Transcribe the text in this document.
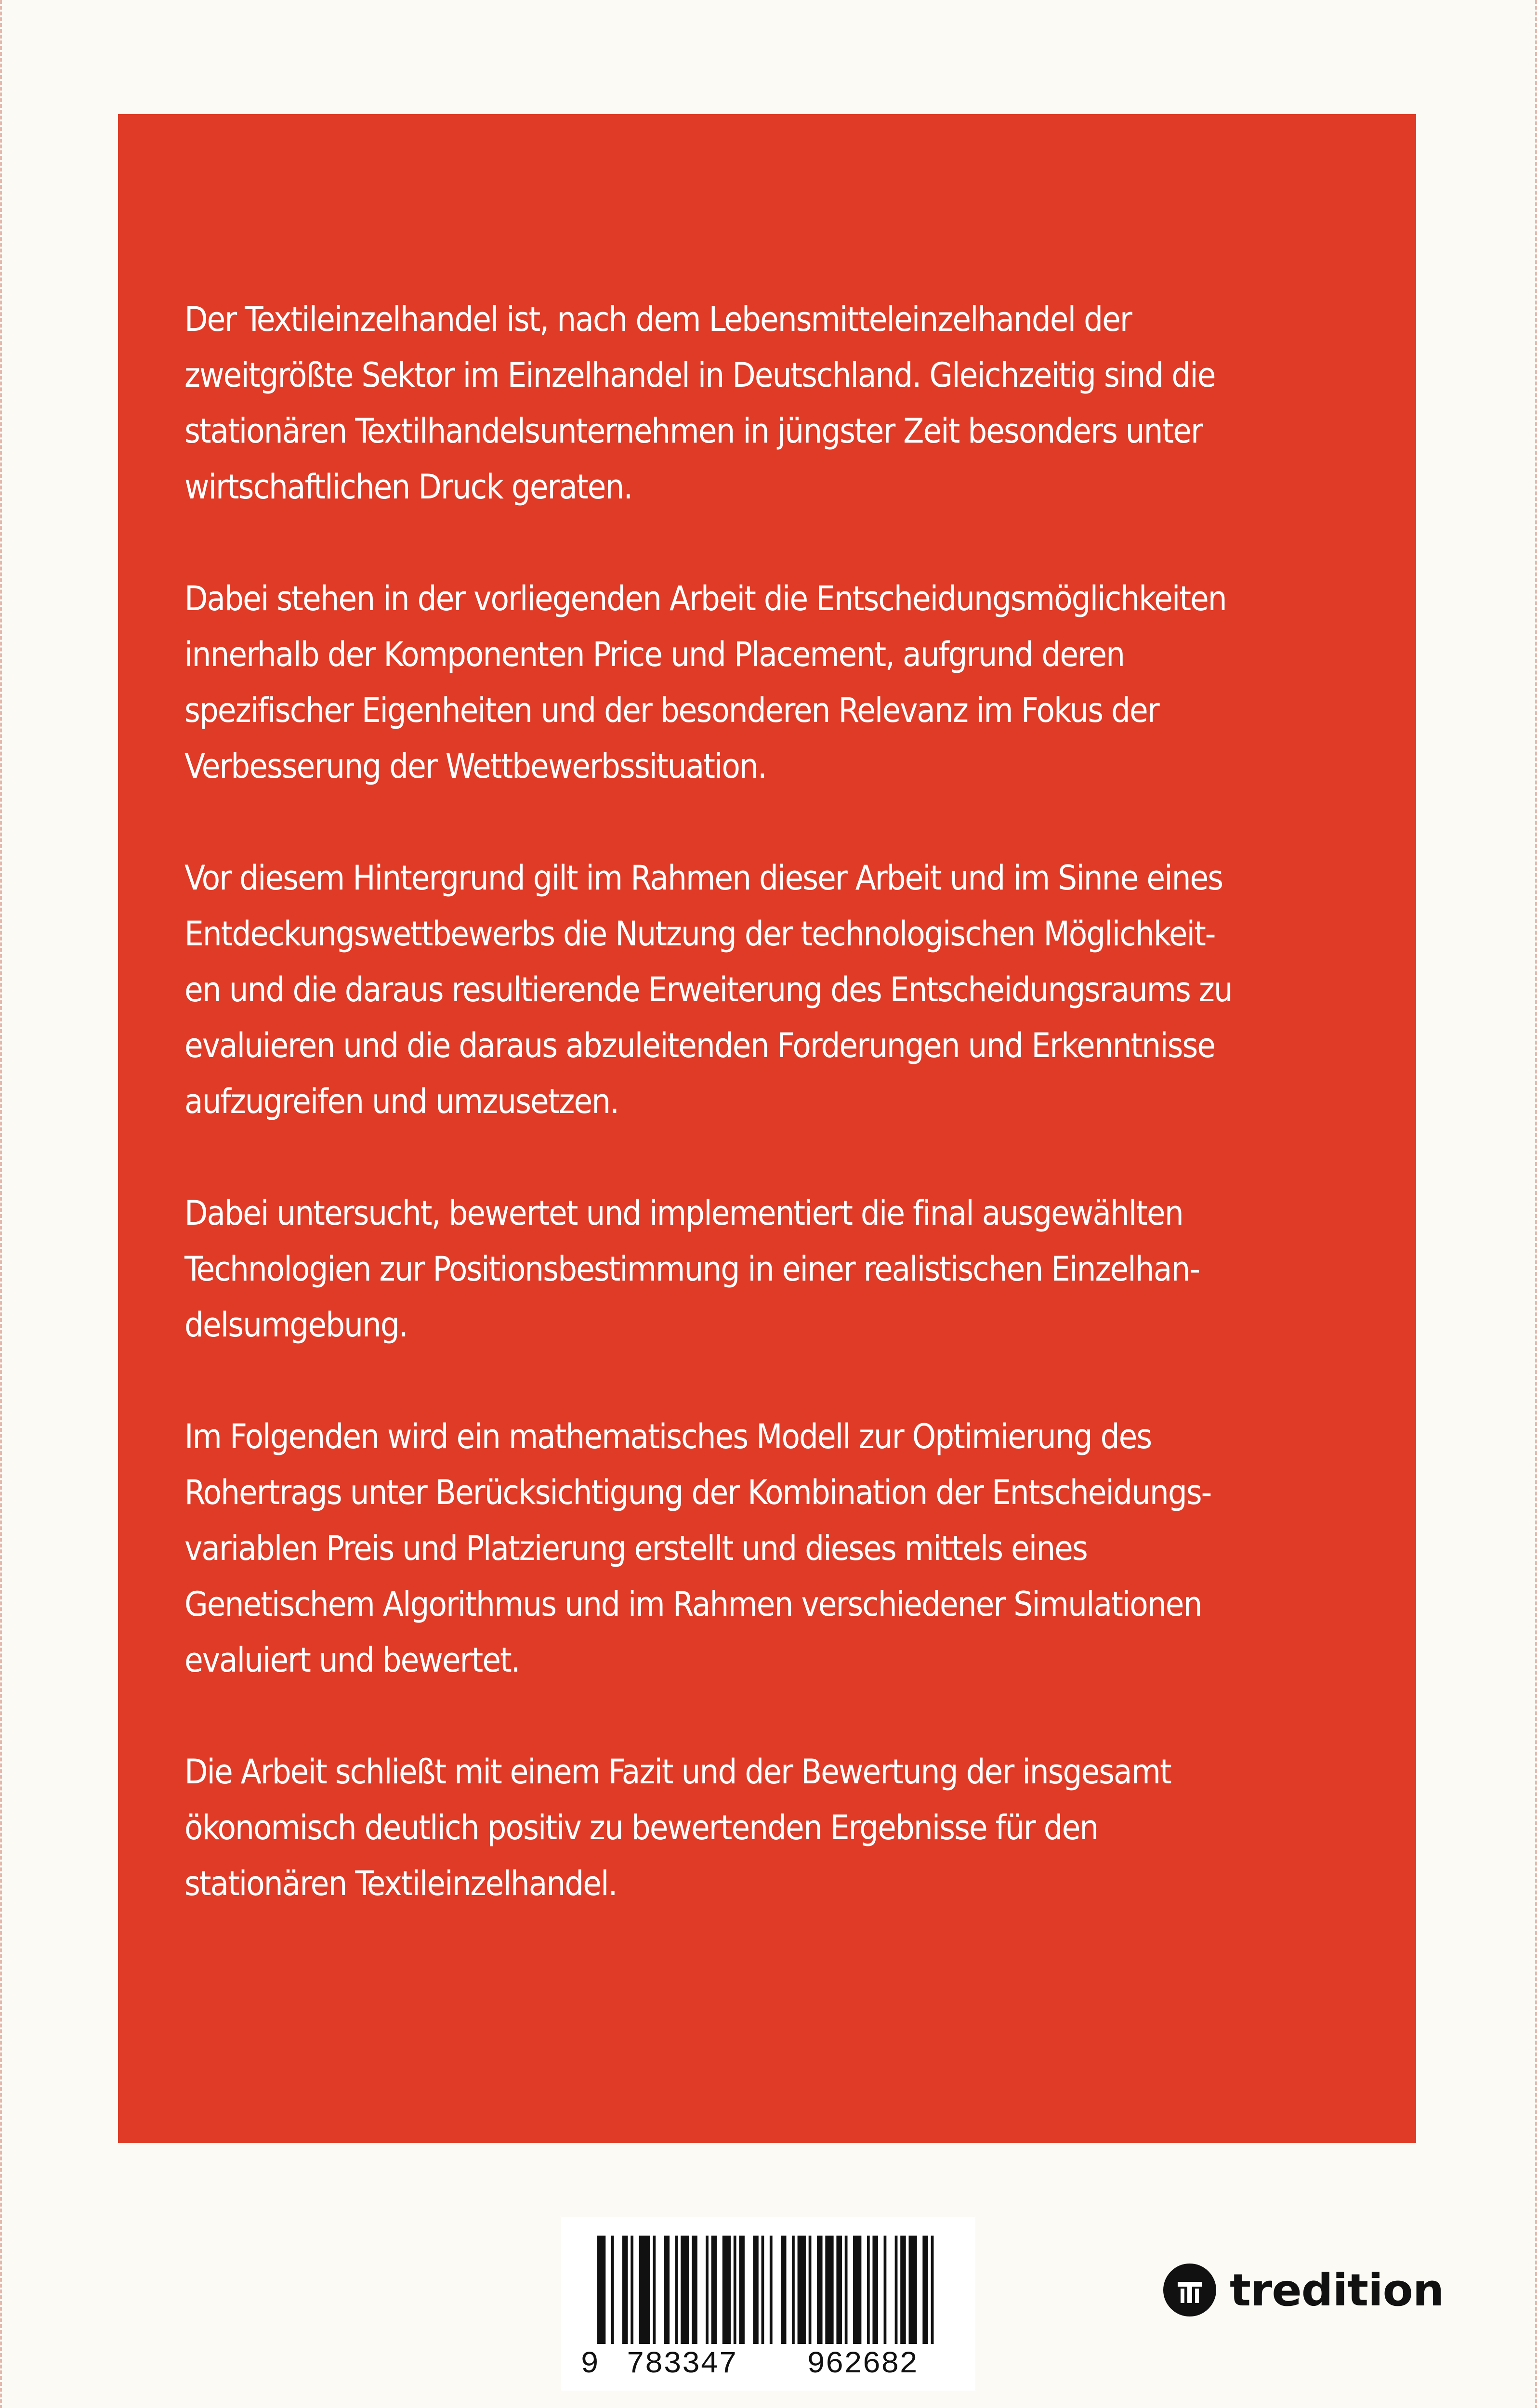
Der Textileinzelhandel ist, nach dem Lebensmitteleinzelhandel der
zweitgrößte Sektor im Einzelhandel in Deutschland. Gleichzeitig sind die
stationären Textilhandelsunternehmen in jüngster Zeit besonders unter
wirtschaftlichen Druck geraten.

Dabei stehen in der vorliegenden Arbeit die Entscheidungsmöglichkeiten
innerhalb der Komponenten Price und Placement, aufgrund deren
spezifischer Eigenheiten und der besonderen Relevanz im Fokus der
Verbesserung der Wettbewerbssituation.

Vor diesem Hintergrund gilt im Rahmen dieser Arbeit und im Sinne eines
Entdeckungswettbewerbs die Nutzung der technologischen Möglichkeit-
en und die daraus resultierende Erweiterung des Entscheidungsraums zu
evaluieren und die daraus abzuleitenden Forderungen und Erkenntnisse
aufzugreifen und umzusetzen.

Dabei untersucht, bewertet und implementiert die final ausgewählten
Technologien zur Positionsbestimmung in einer realistischen Einzelhan-
delsumgebung.

Im Folgenden wird ein mathematisches Modell zur Optimierung des
Rohertrags unter Berücksichtigung der Kombination der Entscheidungs-
variablen Preis und Platzierung erstellt und dieses mittels eines
Genetischem Algorithmus und im Rahmen verschiedener Simulationen
evaluiert und bewertet.

Die Arbeit schließt mit einem Fazit und der Bewertung der insgesamt
ökonomisch deutlich positiv zu bewertenden Ergebnisse für den
stationären Textileinzelhandel.

9 783347 962682
tredition
